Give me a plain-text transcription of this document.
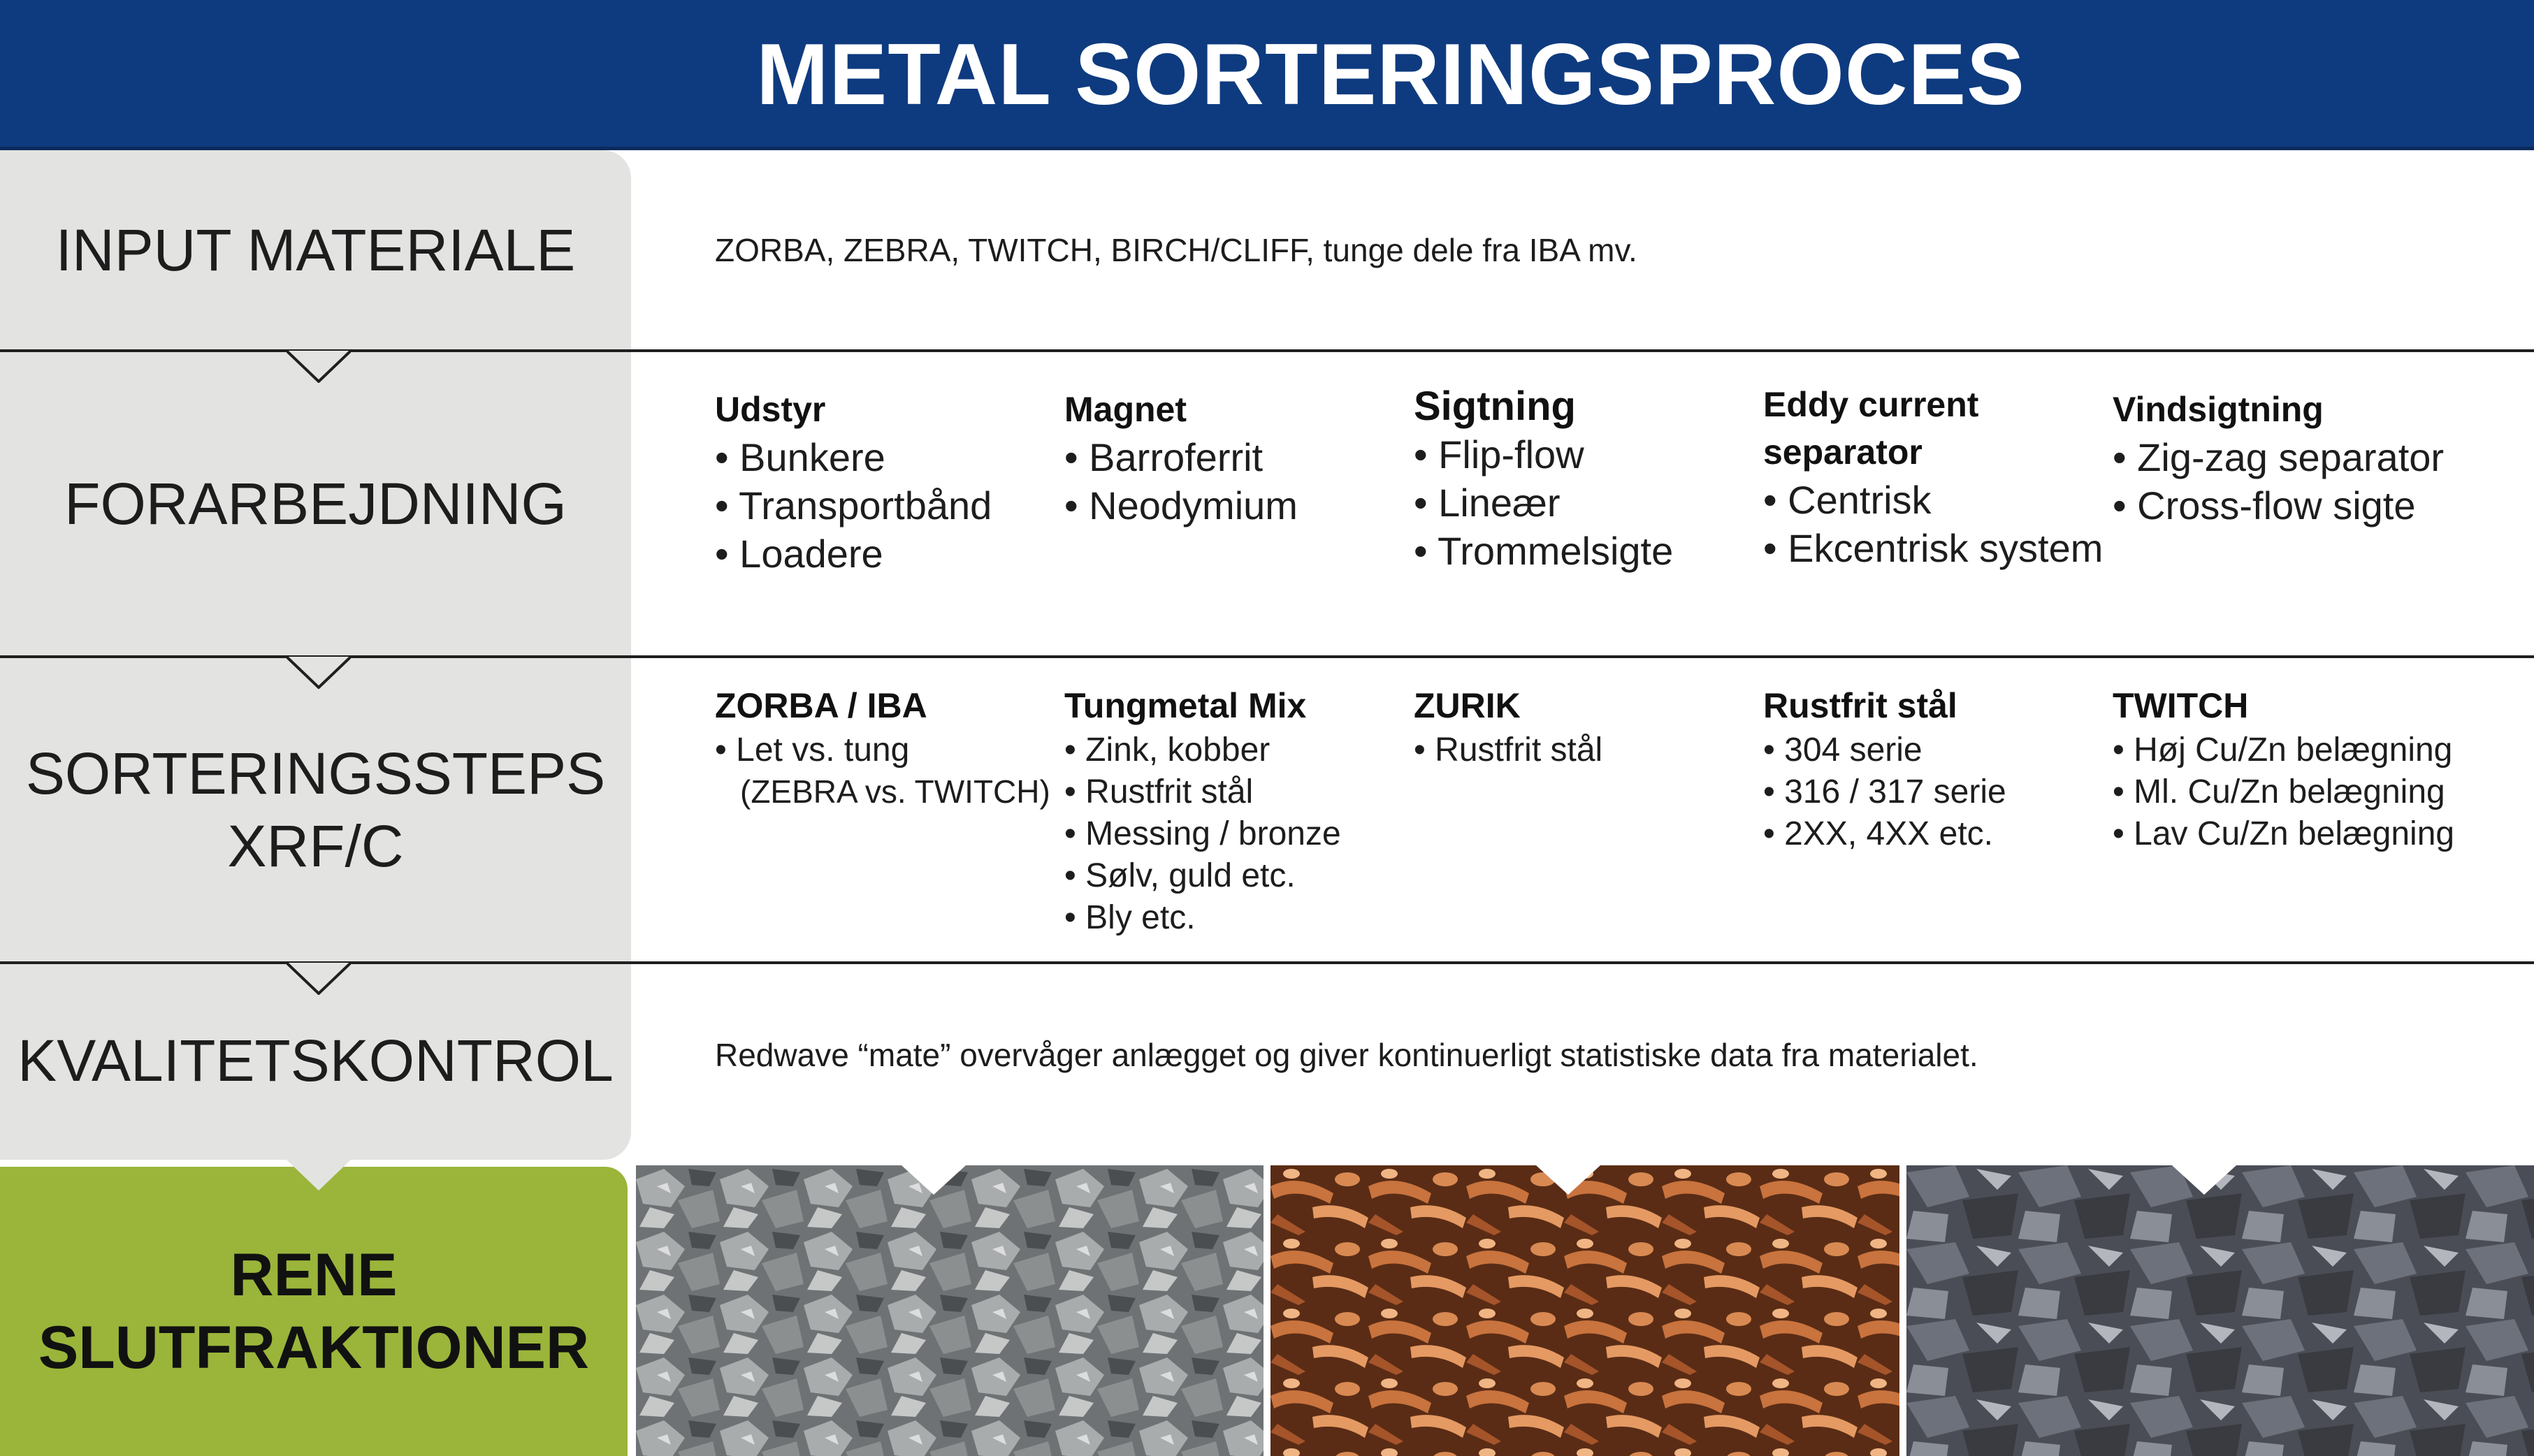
METAL SORTERINGSPROCES
INPUT MATERIALE
FORARBEJDNING
SORTERINGSSTEPS
XRF/C
KVALITETSKONTROL
ZORBA, ZEBRA, TWITCH, BIRCH/CLIFF, tunge dele fra IBA mv.
Udstyr
• Bunkere
• Transportbånd
• Loadere
Magnet
• Barroferrit
• Neodymium
Sigtning
• Flip-flow
• Lineær
• Trommelsigte
Eddy current
separator
• Centrisk
• Ekcentrisk system
Vindsigtning
• Zig-zag separator
• Cross-flow sigte
ZORBA / IBA
• Let vs. tung
(ZEBRA vs. TWITCH)
Tungmetal Mix
• Zink, kobber
• Rustfrit stål
• Messing / bronze
• Sølv, guld etc.
• Bly etc.
ZURIK
• Rustfrit stål
Rustfrit stål
• 304 serie
• 316 / 317 serie
• 2XX, 4XX etc.
TWITCH
• Høj Cu/Zn belægning
• Ml. Cu/Zn belægning
• Lav Cu/Zn belægning
Redwave “mate” overvåger anlægget og giver kontinuerligt statistiske data fra materialet.
RENE
SLUTFRAKTIONER
